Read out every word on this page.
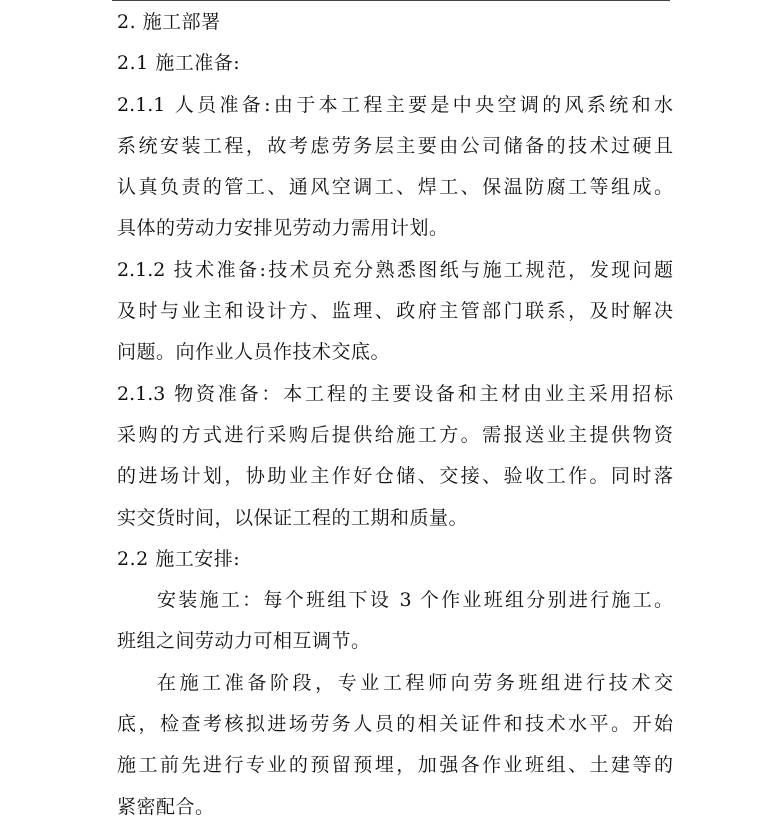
2. 施工部署
2.1 施工准备:
2.1.1 人员准备:由于本工程主要是中央空调的风系统和水
系统安装工程，故考虑劳务层主要由公司储备的技术过硬且
认真负责的管工、通风空调工、焊工、保温防腐工等组成。
具体的劳动力安排见劳动力需用计划。
2.1.2 技术准备:技术员充分熟悉图纸与施工规范，发现问题
及时与业主和设计方、监理、政府主管部门联系，及时解决
问题。向作业人员作技术交底。
2.1.3 物资准备：本工程的主要设备和主材由业主采用招标
采购的方式进行采购后提供给施工方。需报送业主提供物资
的进场计划，协助业主作好仓储、交接、验收工作。同时落
实交货时间，以保证工程的工期和质量。
2.2 施工安排:
安装施工：每个班组下设 3 个作业班组分别进行施工。
班组之间劳动力可相互调节。
在施工准备阶段，专业工程师向劳务班组进行技术交
底，检查考核拟进场劳务人员的相关证件和技术水平。开始
施工前先进行专业的预留预埋，加强各作业班组、土建等的
紧密配合。
